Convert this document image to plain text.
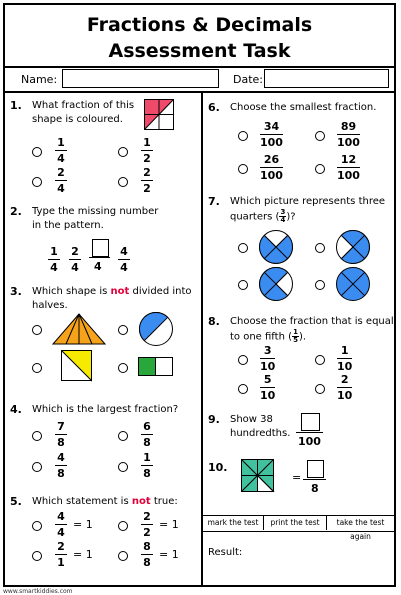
Fractions & Decimals
Assessment Task
Name:	Date:
1. What fraction of this
shape is coloured.
1
4
1
2
2
4
2
2
2. Type the missing number
in the pattern.
1
4
2
4 4
4
4
3. Which shape is not divided into
halves.
4. Which is the largest fraction?
7
8
6
8
4
8
1
8
5. Which statement is not true:
4
4
= 1
2
2
= 1
2
1
= 1
8
8
= 1
6. Choose the smallest fraction.
34
100
89
100
26
100
12
100
7. Which picture represents three
quarters ( $\frac{3}{4}$ )?
8. Choose the fraction that is equal
to one fifth ( $\frac{1}{5}$ ).
3
10
1
10
5
10
2
10
9. Show 38
hundredths.
100
10.
=
8
mark the test	print the test	take the test again
Result:
www.smartkiddies.com
